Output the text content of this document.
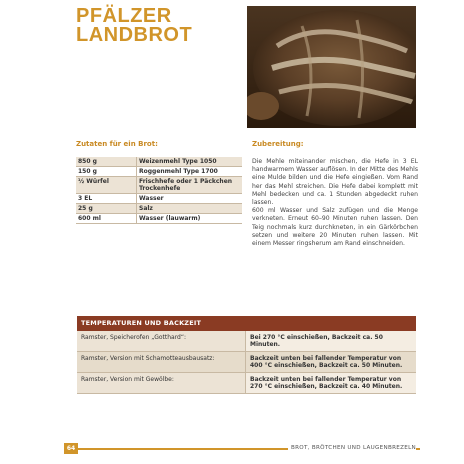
PFÄLZER
LANDBROT
Zutaten für ein Brot:
850 g	Weizenmehl Type 1050
150 g	Roggenmehl Type 1700
½ Würfel	Frischhefe oder 1 Päckchen Trockenhefe
3 EL	Wasser
25 g	Salz
600 ml	Wasser (lauwarm)
Zubereitung:

Die Mehle miteinander mischen, die Hefe in 3 EL handwarmem Wasser auflösen. In der Mitte des Mehls eine Mulde bilden und die Hefe eingießen. Vom Rand her das Mehl streichen. Die Hefe dabei komplett mit Mehl bedecken und ca. 1 Stunden abgedeckt ruhen lassen.

600 ml Wasser und Salz zufügen und die Menge verkneten. Erneut 60–90 Minuten ruhen lassen. Den Teig nochmals kurz durchkneten, in ein Gärkörbchen setzen und weitere 20 Minuten ruhen lassen. Mit einem Messer ringsherum am Rand einschneiden.

TEMPERATUREN UND BACKZEIT	
Ramster, Speicherofen „Gotthard“:	Bei 270 °C einschießen, Backzeit ca. 50 Minuten.
Ramster, Version mit Schamotteausbausatz:	Backzeit unten bei fallender Temperatur von 400 °C einschießen, Backzeit ca. 50 Minuten.
Ramster, Version mit Gewölbe:	Backzeit unten bei fallender Temperatur von 270 °C einschießen, Backzeit ca. 40 Minuten.
64	BROT, BRÖTCHEN UND LAUGENBREZELN
